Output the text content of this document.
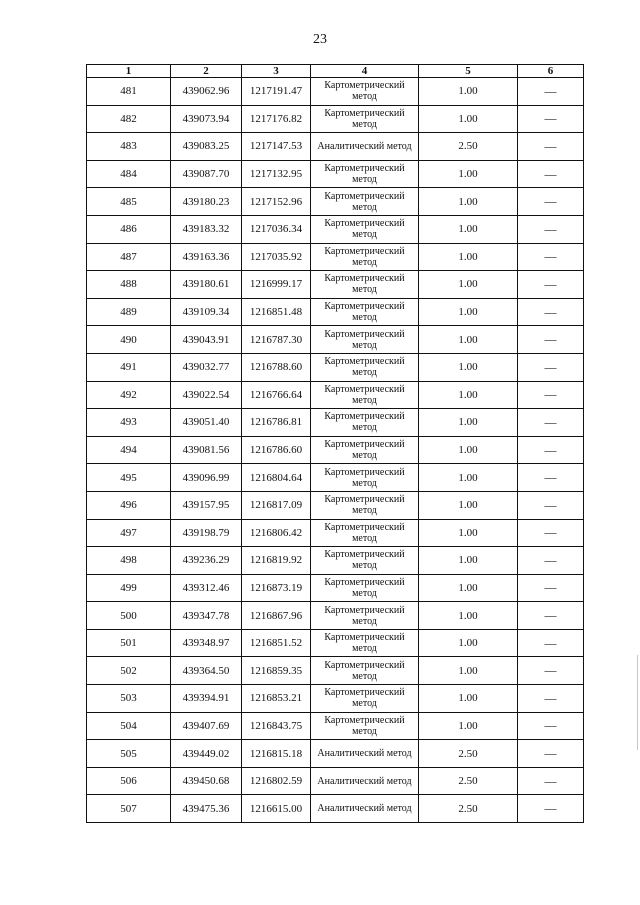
23
1	2	3	4	5	6
481	439062.96	1217191.47	Картометрический метод	1.00	—
482	439073.94	1217176.82	Картометрический метод	1.00	—
483	439083.25	1217147.53	Аналитический метод	2.50	—
484	439087.70	1217132.95	Картометрический метод	1.00	—
485	439180.23	1217152.96	Картометрический метод	1.00	—
486	439183.32	1217036.34	Картометрический метод	1.00	—
487	439163.36	1217035.92	Картометрический метод	1.00	—
488	439180.61	1216999.17	Картометрический метод	1.00	—
489	439109.34	1216851.48	Картометрический метод	1.00	—
490	439043.91	1216787.30	Картометрический метод	1.00	—
491	439032.77	1216788.60	Картометрический метод	1.00	—
492	439022.54	1216766.64	Картометрический метод	1.00	—
493	439051.40	1216786.81	Картометрический метод	1.00	—
494	439081.56	1216786.60	Картометрический метод	1.00	—
495	439096.99	1216804.64	Картометрический метод	1.00	—
496	439157.95	1216817.09	Картометрический метод	1.00	—
497	439198.79	1216806.42	Картометрический метод	1.00	—
498	439236.29	1216819.92	Картометрический метод	1.00	—
499	439312.46	1216873.19	Картометрический метод	1.00	—
500	439347.78	1216867.96	Картометрический метод	1.00	—
501	439348.97	1216851.52	Картометрический метод	1.00	—
502	439364.50	1216859.35	Картометрический метод	1.00	—
503	439394.91	1216853.21	Картометрический метод	1.00	—
504	439407.69	1216843.75	Картометрический метод	1.00	—
505	439449.02	1216815.18	Аналитический метод	2.50	—
506	439450.68	1216802.59	Аналитический метод	2.50	—
507	439475.36	1216615.00	Аналитический метод	2.50	—
